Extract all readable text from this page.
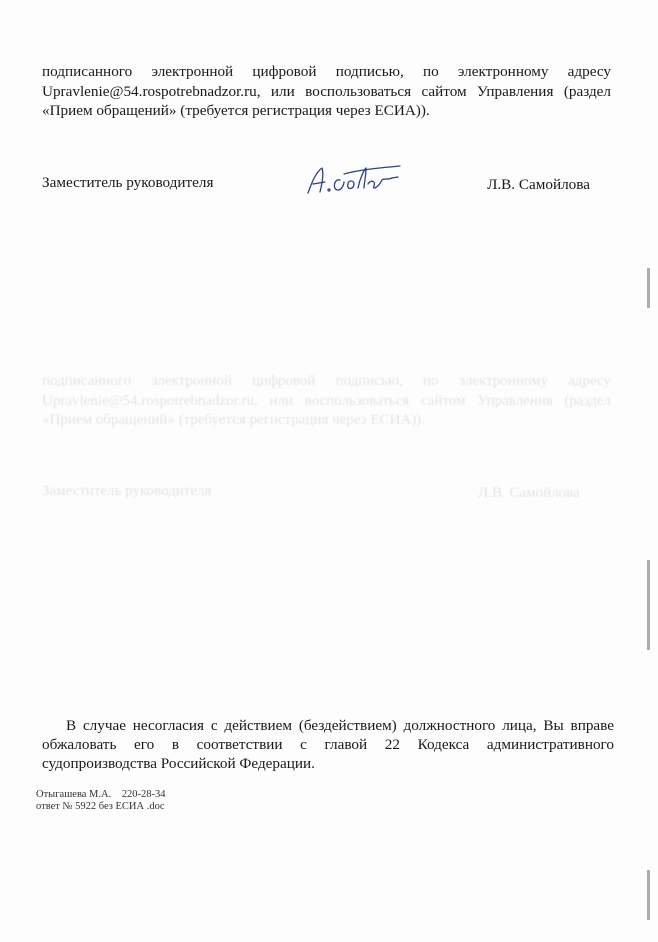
подписанного электронной цифровой подписью, по электронному адресу Upravlenie@54.rospotrebnadzor.ru, или воспользоваться сайтом Управления (раздел «Прием обращений» (требуется регистрация через ЕСИА)).

Заместитель руководителя	Л.В. Самойлова
подписанного электронной цифровой подписью, по электронному адресу Upravlenie@54.rospotrebnadzor.ru, или воспользоваться сайтом Управления (раздел «Прием обращений» (требуется регистрация через ЕСИА)).
Заместитель руководителя	Л.В. Самойлова

В случае несогласия с действием (бездействием) должностного лица, Вы вправе обжаловать его в соответствии с главой 22 Кодекса административного судопроизводства Российской Федерации.

Отыгашева М.А.    220-28-34
ответ № 5922 без ЕСИА .doc
